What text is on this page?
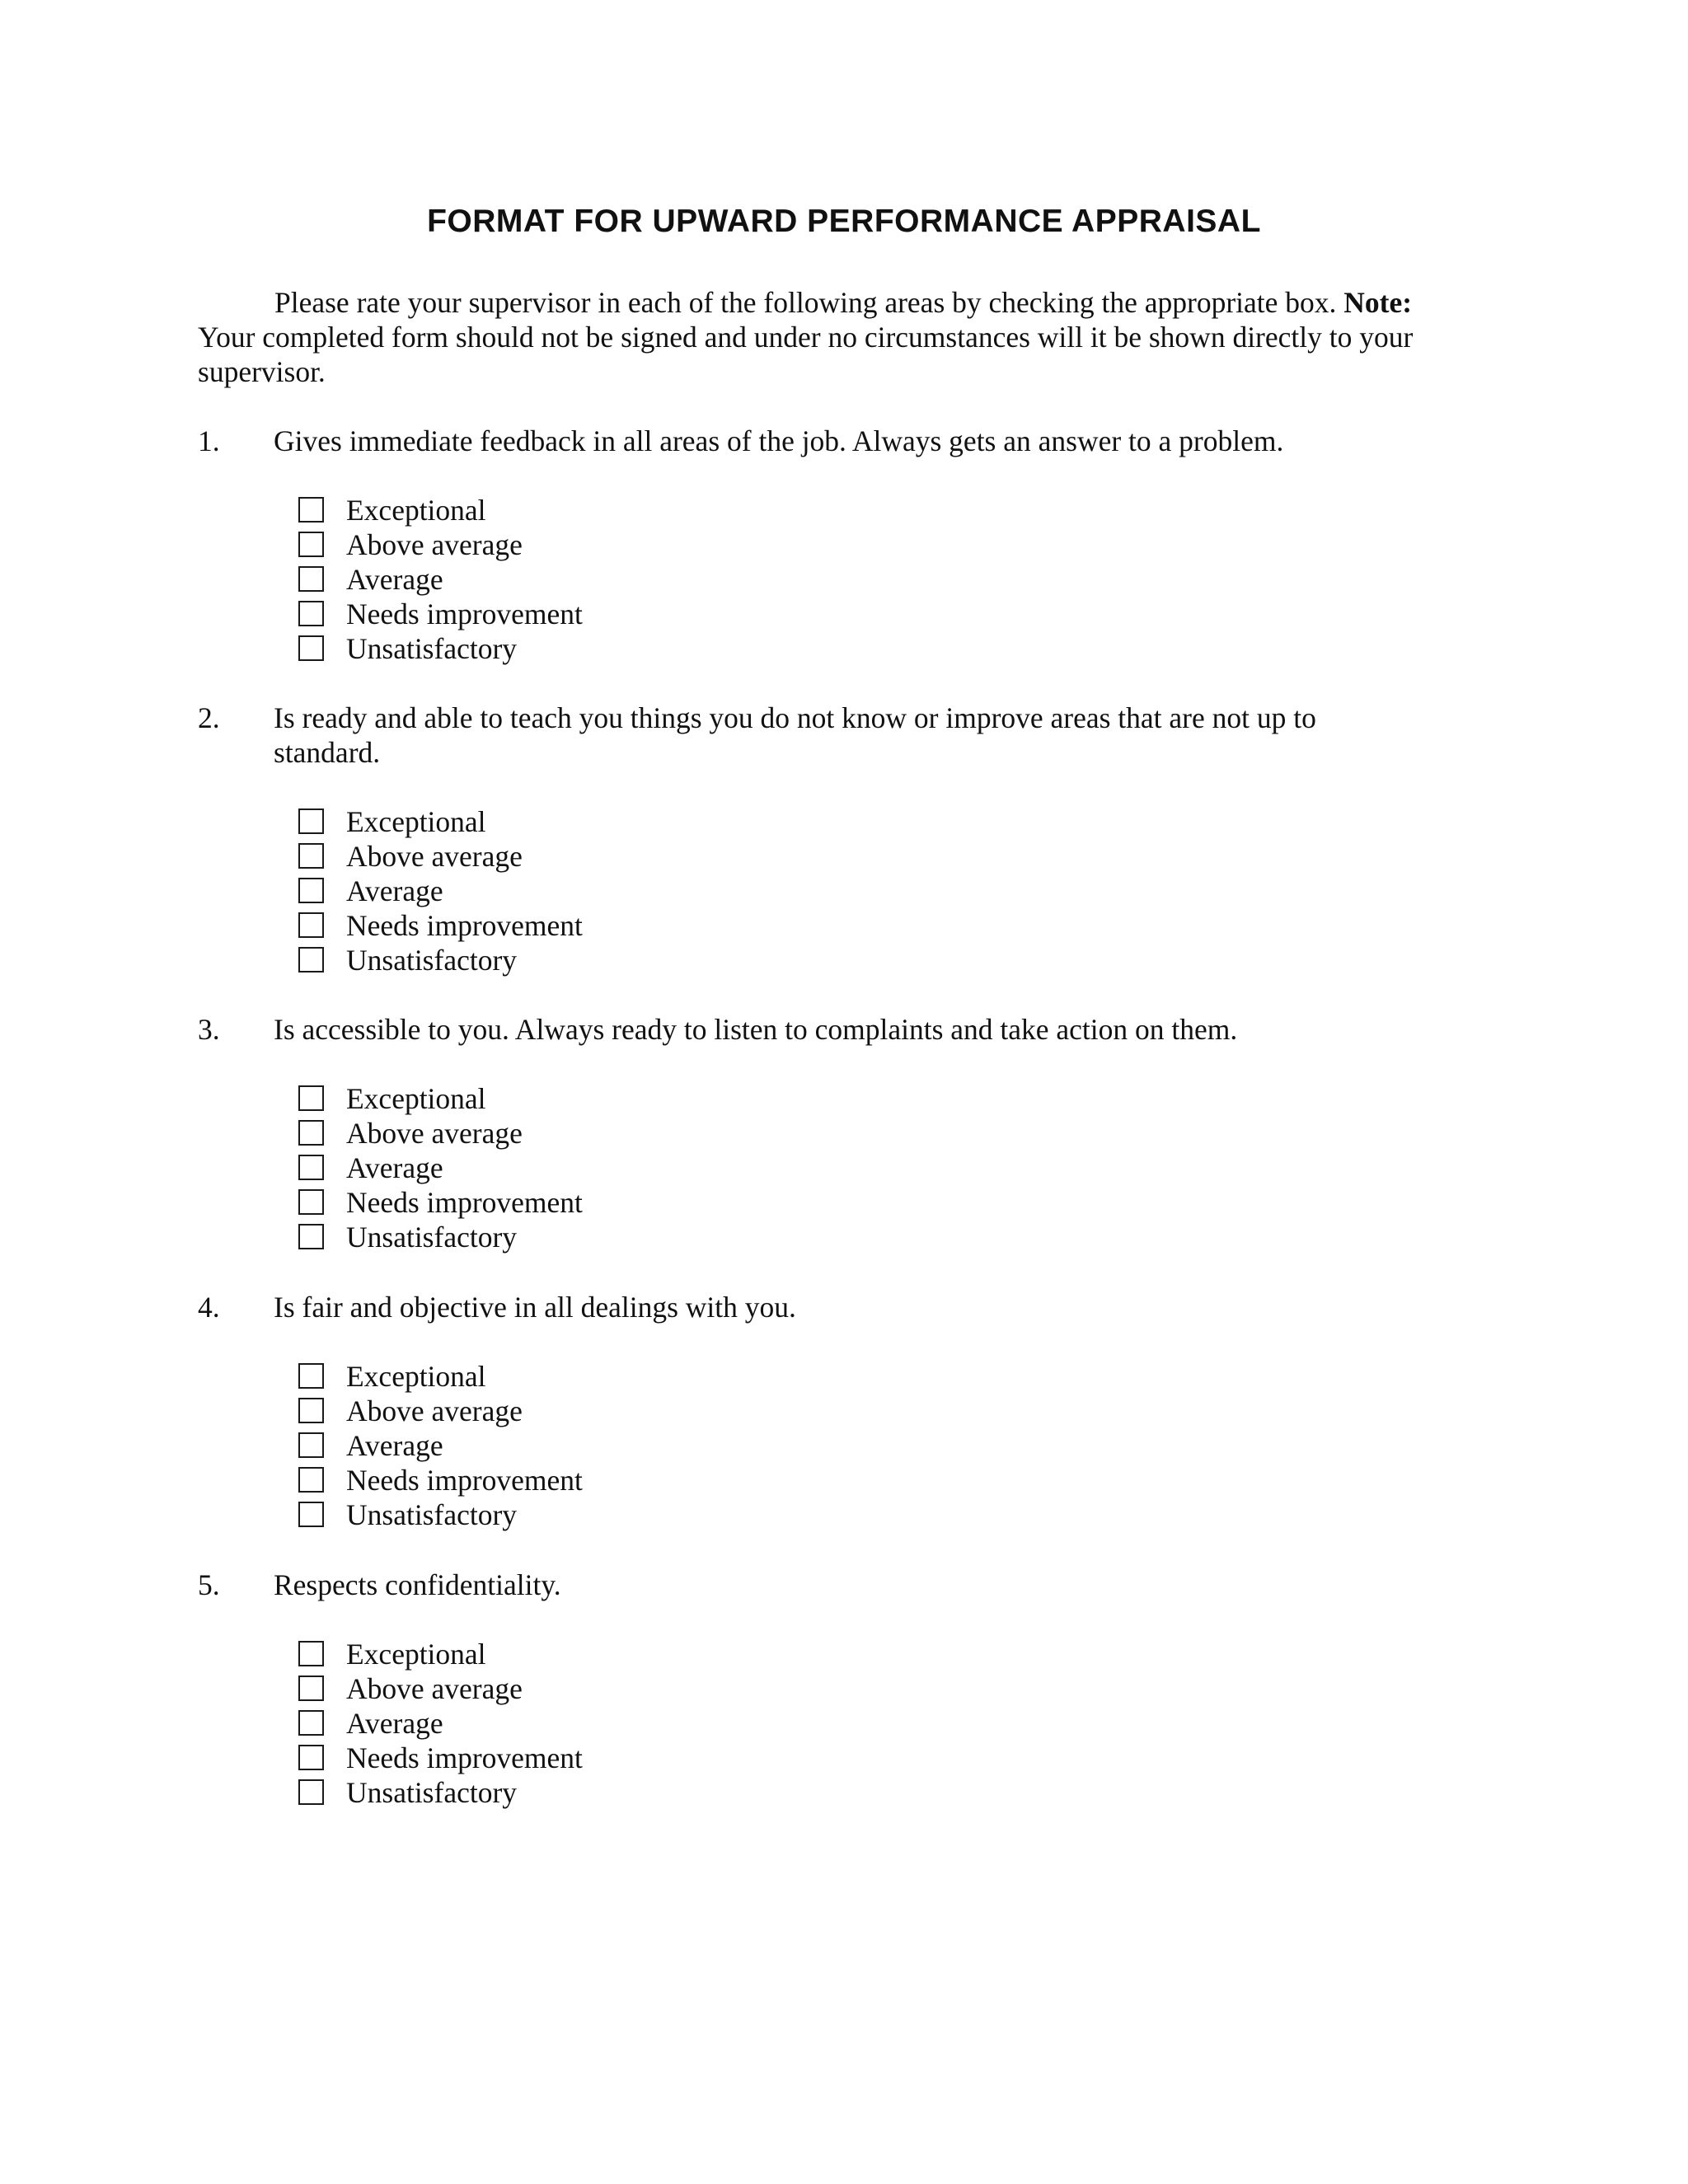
FORMAT FOR UPWARD PERFORMANCE APPRAISAL

Please rate your supervisor in each of the following areas by checking the appropriate box. Note: Your completed form should not be signed and under no circumstances will it be shown directly to your supervisor.

1.	Gives immediate feedback in all areas of the job. Always gets an answer to a problem.
Exceptional
Above average
Average
Needs improvement
Unsatisfactory
2.	Is ready and able to teach you things you do not know or improve areas that are not up to standard.
Exceptional
Above average
Average
Needs improvement
Unsatisfactory
3.	Is accessible to you. Always ready to listen to complaints and take action on them.
Exceptional
Above average
Average
Needs improvement
Unsatisfactory
4.	Is fair and objective in all dealings with you.
Exceptional
Above average
Average
Needs improvement
Unsatisfactory
5.	Respects confidentiality.
Exceptional
Above average
Average
Needs improvement
Unsatisfactory
